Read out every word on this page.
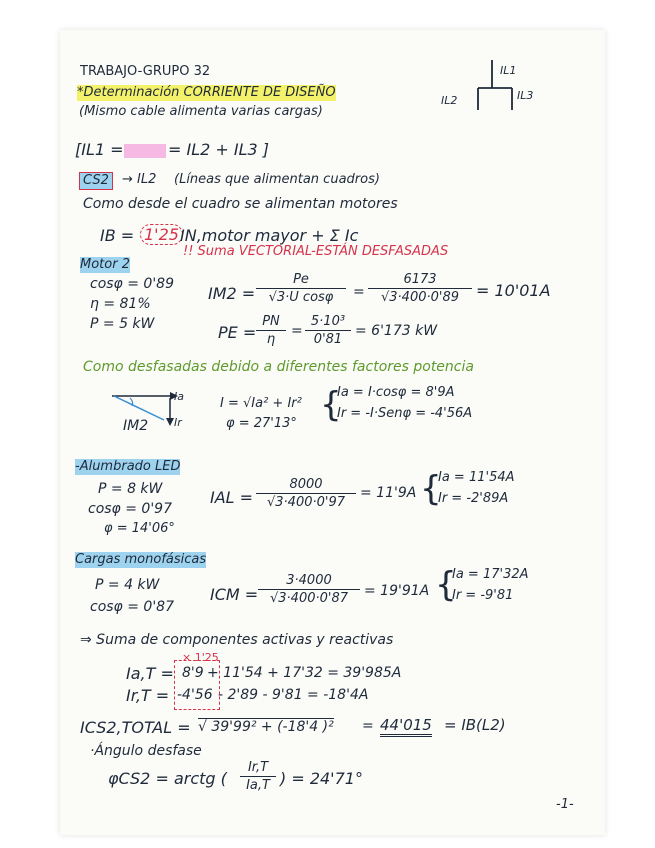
TRABAJO-GRUPO 32	IL1
IL2	IL3
*Determinación CORRIENTE DE DISEÑO
(Mismo cable alimenta varias cargas)
[IL1 =	= IL2 + IL3 ]
CS2	→ IL2 (Líneas que alimentan cuadros)
Como desde el cuadro se alimentan motores
IB = 1'25 IN,motor mayor + Σ Ic
!! Suma VECTORIAL-ESTÁN DESFASADAS
Motor 2
cosφ = 0'89
η = 81%
P = 5 kW
IM2 =
Pe
√3·U cosφ	=
6173
√3·400·0'89	= 10'01A
PE =
PN
η
=
5·10³
0'81
= 6'173 kW
Como desfasadas debido a diferentes factores potencia
Ia
Ir
IM2
I = √Ia² + Ir²
φ = 27'13° {
Ia = I·cosφ = 8'9A
Ir = -I·Senφ = -4'56A
-Alumbrado LED
P = 8 kW
cosφ = 0'97
φ = 14'06°
IAL =
8000
√3·400·0'97
= 11'9A {
Ia = 11'54A
Ir = -2'89A
Cargas monofásicas
P = 4 kW
cosφ = 0'87
ICM =
3·4000
√3·400·0'87	= 19'91A {
Ia = 17'32A
Ir = -9'81
⇒ Suma de componentes activas y reactivas
× 1'25
Ia,T = 8'9 + 11'54 + 17'32 = 39'985A
Ir,T = -4'56 - 2'89 - 9'81 = -18'4A
ICS2,TOTAL = √ 39'99² + (-18'4 )² = 44'015 = IB(L2)
·Ángulo desfase
φCS2 = arctg (
Ir,T
Ia,T ) = 24'71°
-1-
